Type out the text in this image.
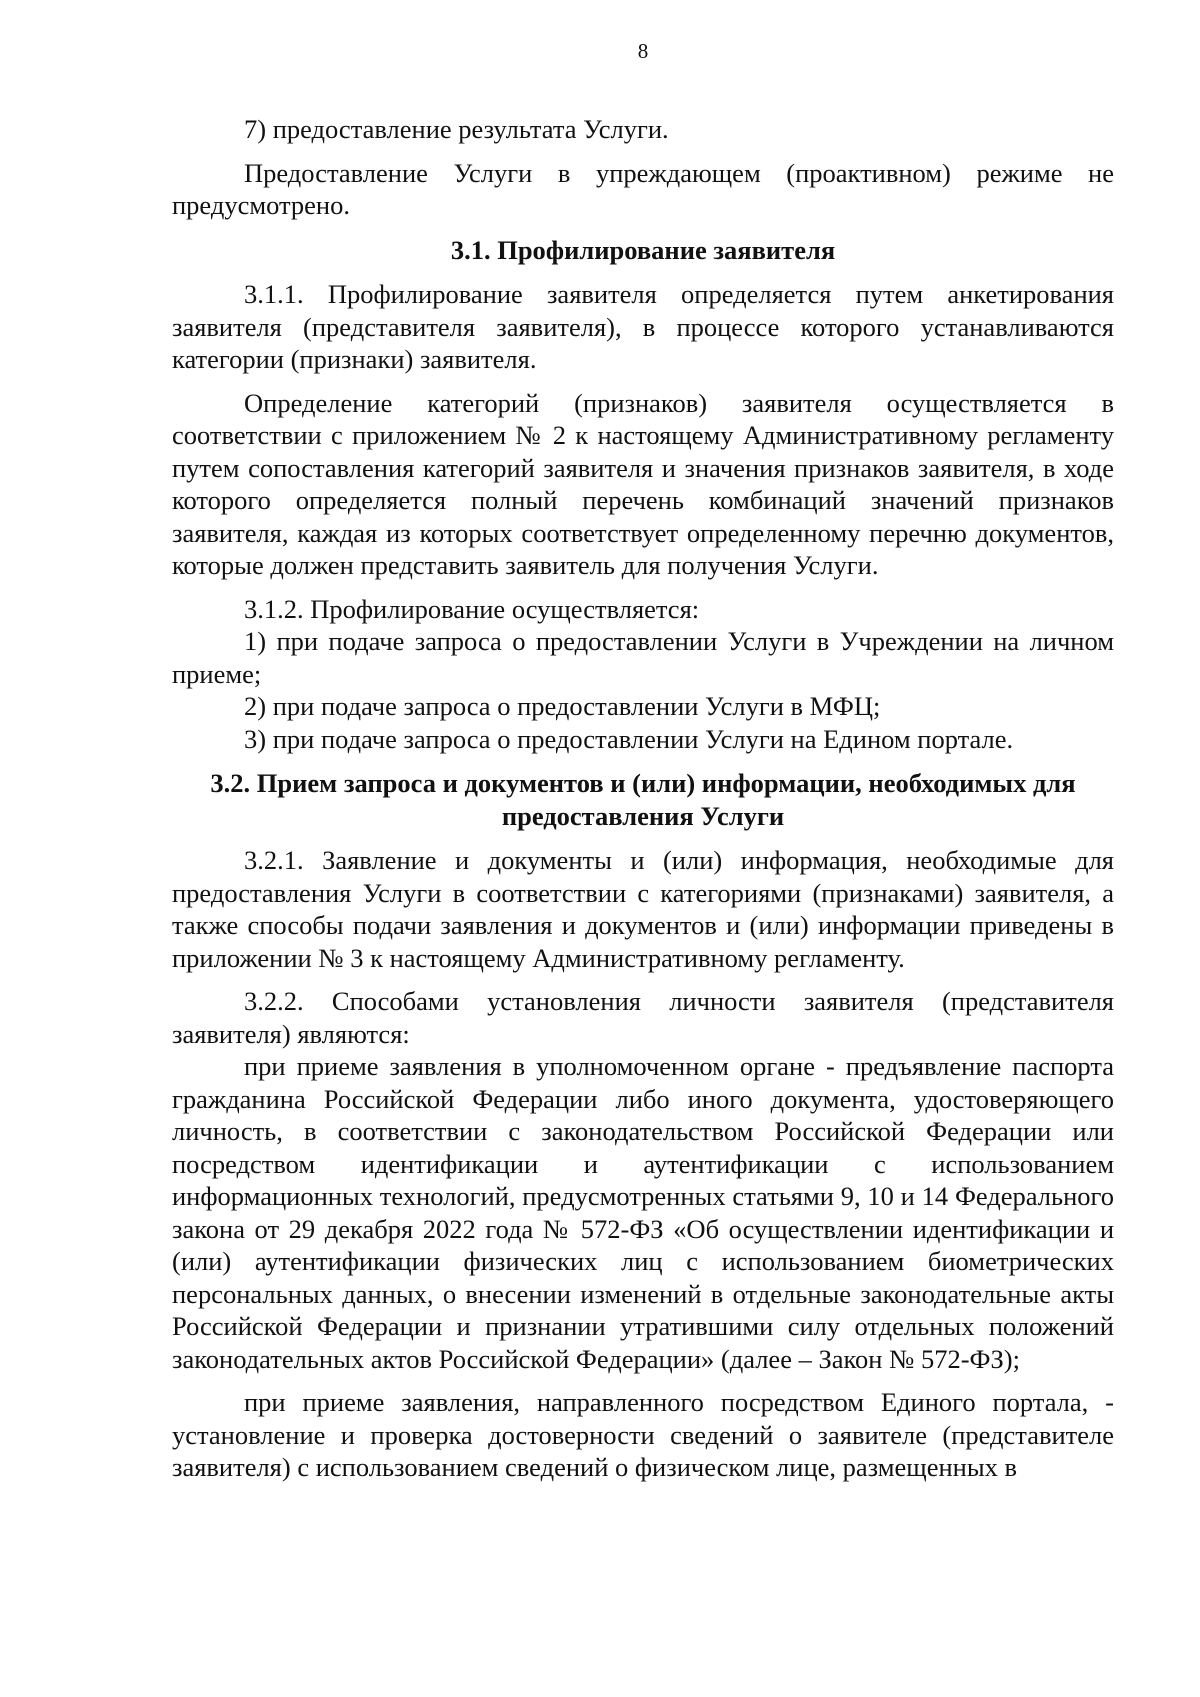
8

7) предоставление результата Услуги.

Предоставление Услуги в упреждающем (проактивном) режиме не предусмотрено.

3.1. Профилирование заявителя

3.1.1. Профилирование заявителя определяется путем анкетирования заявителя (представителя заявителя), в процессе которого устанавливаются категории (признаки) заявителя.

Определение категорий (признаков) заявителя осуществляется в соответствии с приложением № 2 к настоящему Административному регламенту путем сопоставления категорий заявителя и значения признаков заявителя, в ходе которого определяется полный перечень комбинаций значений признаков заявителя, каждая из которых соответствует определенному перечню документов, которые должен представить заявитель для получения Услуги.

3.1.2. Профилирование осуществляется:

1) при подаче запроса о предоставлении Услуги в Учреждении на личном приеме;

2) при подаче запроса о предоставлении Услуги в МФЦ;

3) при подаче запроса о предоставлении Услуги на Едином портале.

3.2. Прием запроса и документов и (или) информации, необходимых для предоставления Услуги

3.2.1. Заявление и документы и (или) информация, необходимые для предоставления Услуги в соответствии с категориями (признаками) заявителя, а также способы подачи заявления и документов и (или) информации приведены в приложении № 3 к настоящему Административному регламенту.

3.2.2. Способами установления личности заявителя (представителя заявителя) являются:

при приеме заявления в уполномоченном органе - предъявление паспорта гражданина Российской Федерации либо иного документа, удостоверяющего личность, в соответствии с законодательством Российской Федерации или посредством идентификации и аутентификации с использованием информационных технологий, предусмотренных статьями 9, 10 и 14 Федерального закона от 29 декабря 2022 года № 572-ФЗ «Об осуществлении идентификации и (или) аутентификации физических лиц с использованием биометрических персональных данных, о внесении изменений в отдельные законодательные акты Российской Федерации и признании утратившими силу отдельных положений законодательных актов Российской Федерации» (далее – Закон № 572-ФЗ);

при приеме заявления, направленного посредством Единого портала, - установление и проверка достоверности сведений о заявителе (представителе заявителя) с использованием сведений о физическом лице, размещенных в
